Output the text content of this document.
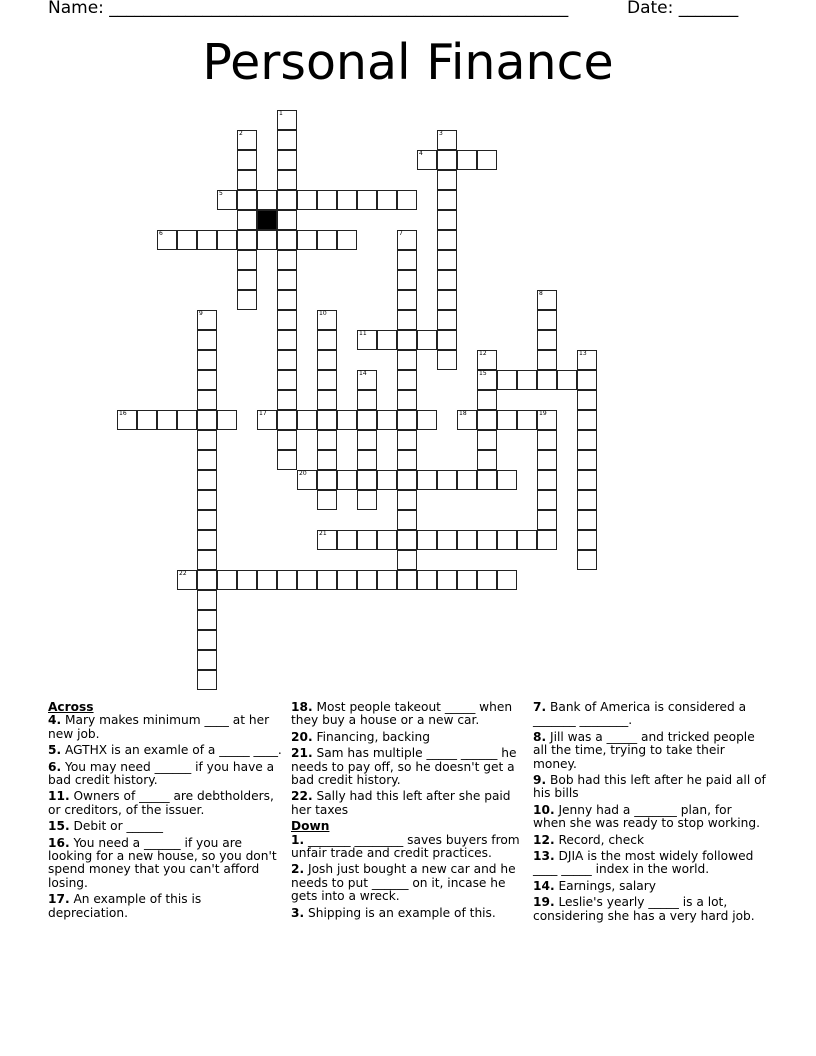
Name: ______________________________________________________	Date: _______
Personal Finance
1
2	3
4
5
6	7
8
9	10
11
12
15
13
14
16	17	18	19
20
21
22
Across
4. Mary makes minimum ____ at her new job.
5. AGTHX is an examle of a _____ ____.
6. You may need ______ if you have a bad credit history.
11. Owners of _____ are debtholders, or creditors, of the issuer.
15. Debit or ______
16. You need a ______ if you are looking for a new house, so you don't spend money that you can't afford losing.
17. An example of this is depreciation.
18. Most people takeout _____ when they buy a house or a new car.
20. Financing, backing
21. Sam has multiple _____ ______ he needs to pay off, so he doesn't get a bad credit history.
22. Sally had this left after she paid her taxes
Down
1. _______ ________ saves buyers from unfair trade and credit practices.
2. Josh just bought a new car and he needs to put ______ on it, incase he gets into a wreck.
3. Shipping is an example of this.
7. Bank of America is considered a _______ ________.
8. Jill was a _____ and tricked people all the time, trying to take their money.
9. Bob had this left after he paid all of his bills
10. Jenny had a _______ plan, for when she was ready to stop working.
12. Record, check
13. DJIA is the most widely followed ____ _____ index in the world.
14. Earnings, salary
19. Leslie's yearly _____ is a lot, considering she has a very hard job.
